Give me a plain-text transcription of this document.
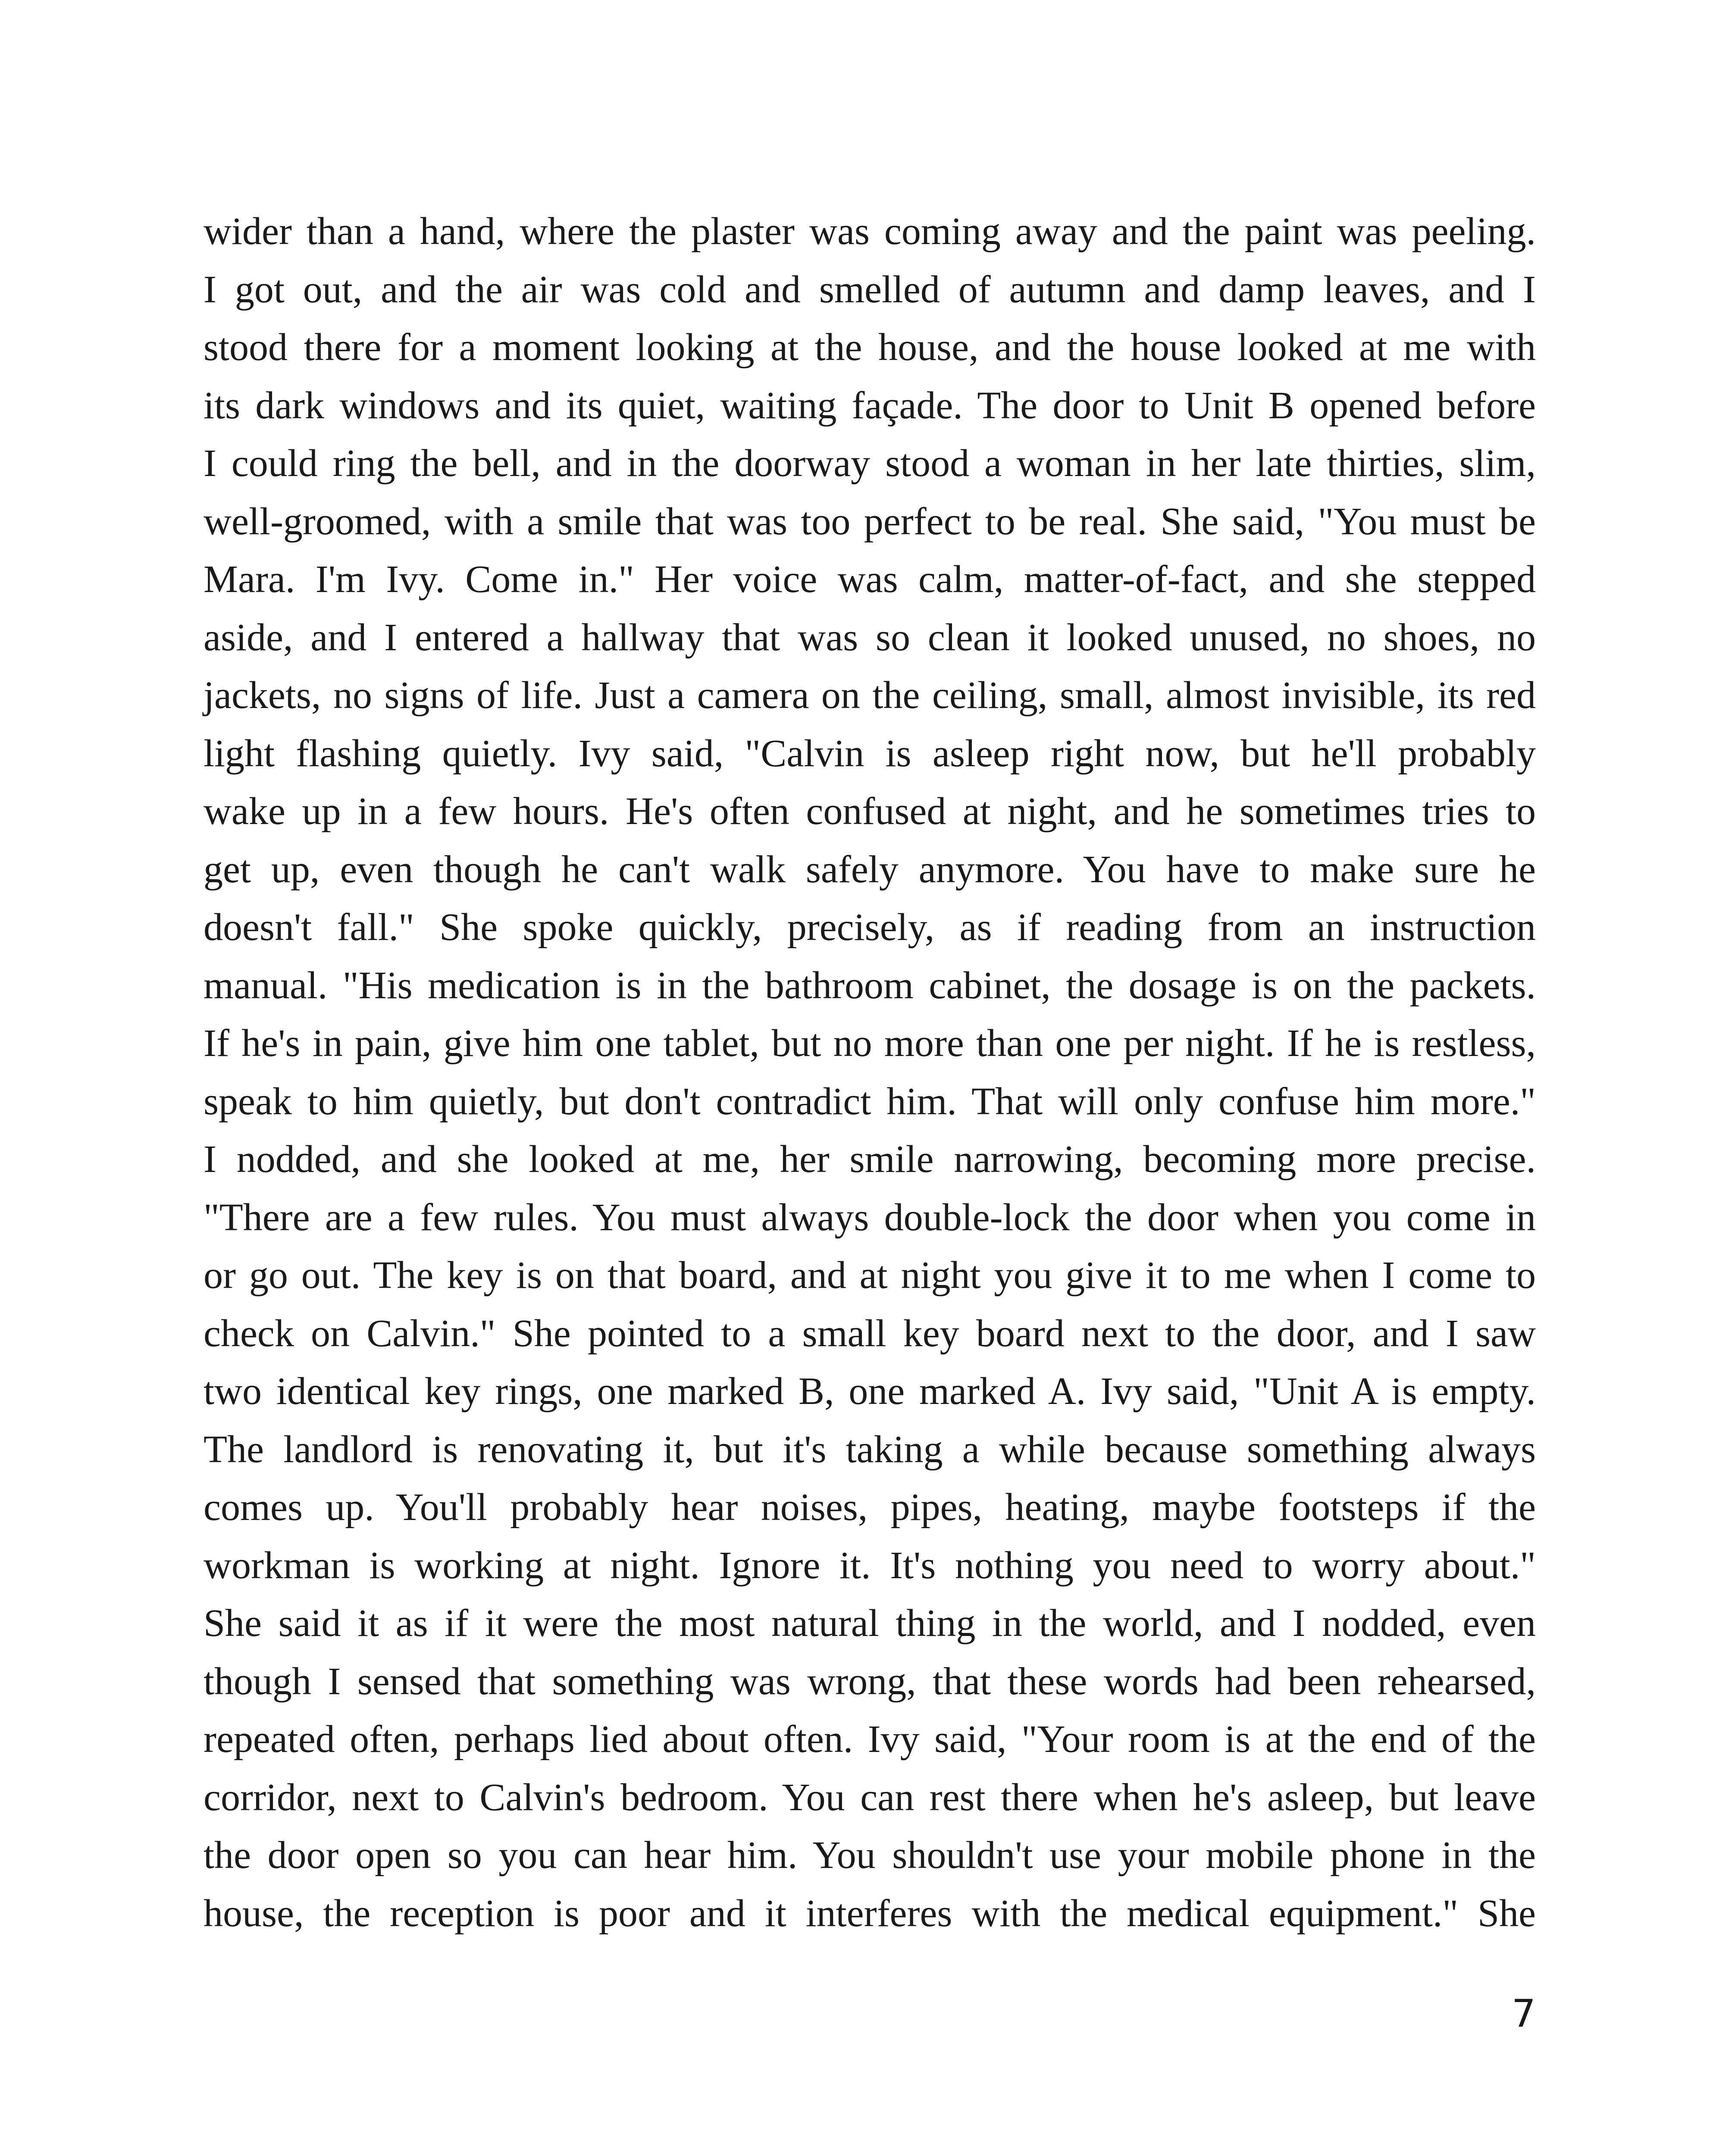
wider than a hand, where the plaster was coming away and the paint was peeling.
I got out, and the air was cold and smelled of autumn and damp leaves, and I
stood there for a moment looking at the house, and the house looked at me with
its dark windows and its quiet, waiting façade. The door to Unit B opened before
I could ring the bell, and in the doorway stood a woman in her late thirties, slim,
well-groomed, with a smile that was too perfect to be real. She said, "You must be
Mara. I'm Ivy. Come in." Her voice was calm, matter-of-fact, and she stepped
aside, and I entered a hallway that was so clean it looked unused, no shoes, no
jackets, no signs of life. Just a camera on the ceiling, small, almost invisible, its red
light flashing quietly. Ivy said, "Calvin is asleep right now, but he'll probably
wake up in a few hours. He's often confused at night, and he sometimes tries to
get up, even though he can't walk safely anymore. You have to make sure he
doesn't fall." She spoke quickly, precisely, as if reading from an instruction
manual. "His medication is in the bathroom cabinet, the dosage is on the packets.
If he's in pain, give him one tablet, but no more than one per night. If he is restless,
speak to him quietly, but don't contradict him. That will only confuse him more."
I nodded, and she looked at me, her smile narrowing, becoming more precise.
"There are a few rules. You must always double-lock the door when you come in
or go out. The key is on that board, and at night you give it to me when I come to
check on Calvin." She pointed to a small key board next to the door, and I saw
two identical key rings, one marked B, one marked A. Ivy said, "Unit A is empty.
The landlord is renovating it, but it's taking a while because something always
comes up. You'll probably hear noises, pipes, heating, maybe footsteps if the
workman is working at night. Ignore it. It's nothing you need to worry about."
She said it as if it were the most natural thing in the world, and I nodded, even
though I sensed that something was wrong, that these words had been rehearsed,
repeated often, perhaps lied about often. Ivy said, "Your room is at the end of the
corridor, next to Calvin's bedroom. You can rest there when he's asleep, but leave
the door open so you can hear him. You shouldn't use your mobile phone in the
house, the reception is poor and it interferes with the medical equipment." She
7
